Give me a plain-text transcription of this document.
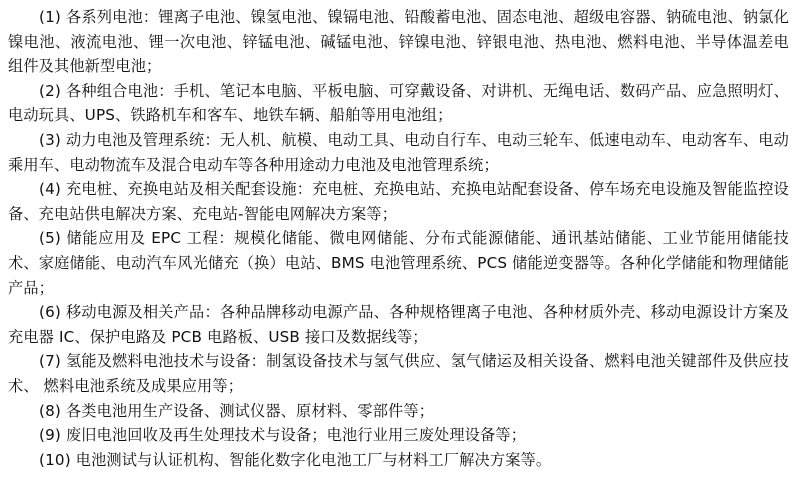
(1) 各系列电池：锂离子电池、镍氢电池、镍镉电池、铅酸蓄电池、固态电池、超级电容器、钠硫电池、钠氯化镍电池、液流电池、锂一次电池、锌锰电池、碱锰电池、锌镍电池、锌银电池、热电池、燃料电池、半导体温差电组件及其他新型电池；

(2) 各种组合电池：手机、笔记本电脑、平板电脑、可穿戴设备、对讲机、无绳电话、数码产品、应急照明灯、电动玩具、UPS、铁路机车和客车、地铁车辆、船舶等用电池组；

(3) 动力电池及管理系统：无人机、航模、电动工具、电动自行车、电动三轮车、低速电动车、电动客车、电动乘用车、电动物流车及混合电动车等各种用途动力电池及电池管理系统；

(4) 充电桩、充换电站及相关配套设施：充电桩、充换电站、充换电站配套设备、停车场充电设施及智能监控设备、充电站供电解决方案、充电站-智能电网解决方案等；

(5) 储能应用及 EPC 工程：规模化储能、微电网储能、分布式能源储能、通讯基站储能、工业节能用储能技术、家庭储能、电动汽车风光储充（换）电站、BMS 电池管理系统、PCS 储能逆变器等。各种化学储能和物理储能产品；

(6) 移动电源及相关产品：各种品牌移动电源产品、各种规格锂离子电池、各种材质外壳、移动电源设计方案及充电器 IC、保护电路及 PCB 电路板、USB 接口及数据线等；

(7) 氢能及燃料电池技术与设备：制氢设备技术与氢气供应、氢气储运及相关设备、燃料电池关键部件及供应技术、 燃料电池系统及成果应用等；

(8) 各类电池用生产设备、测试仪器、原材料、零部件等；

(9) 废旧电池回收及再生处理技术与设备；电池行业用三废处理设备等；

(10) 电池测试与认证机构、智能化数字化电池工厂与材料工厂解决方案等。
